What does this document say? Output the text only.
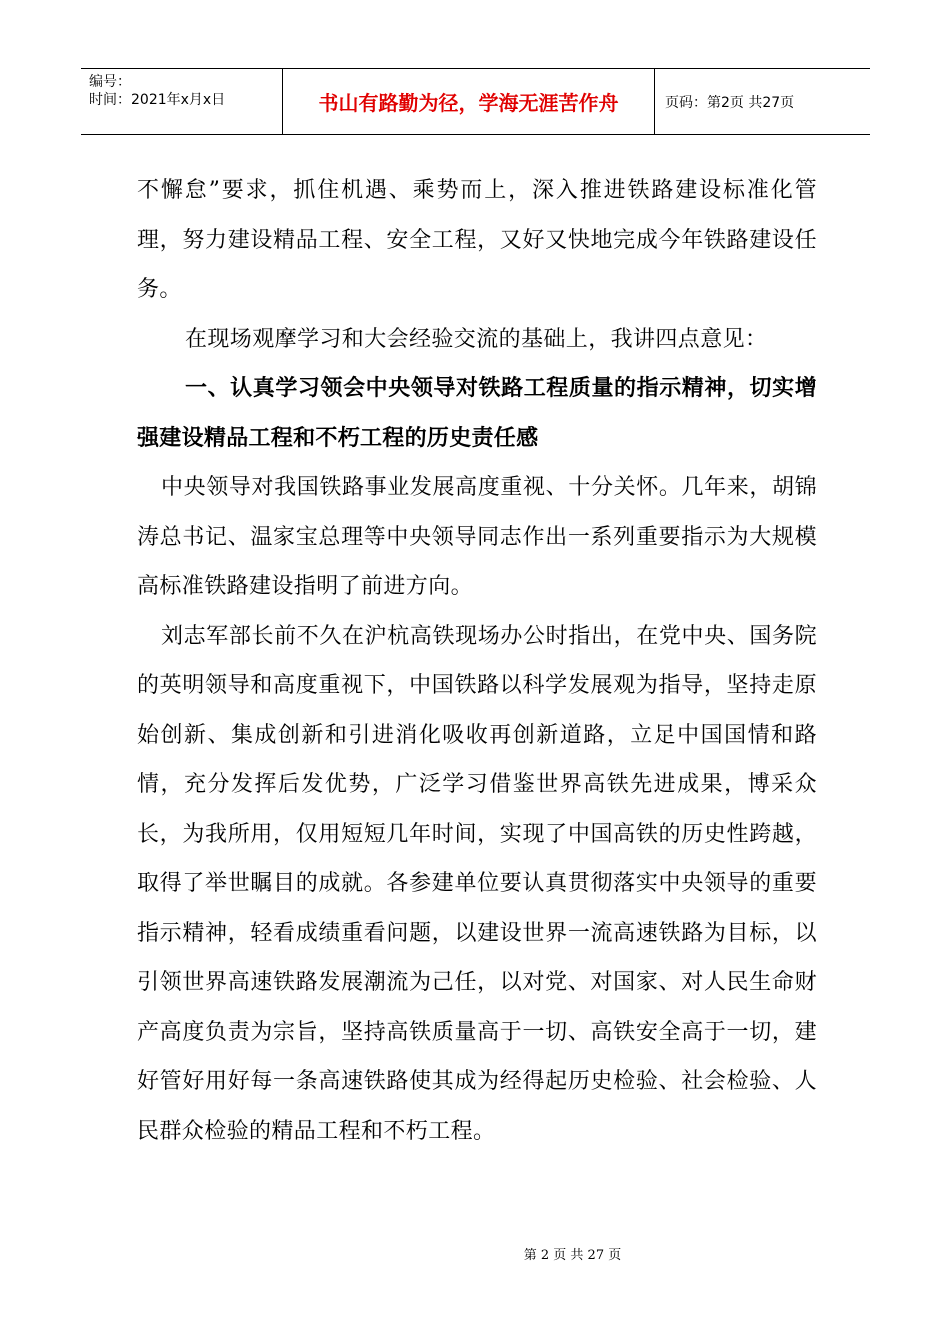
编号：
时间：2021年x月x日	书山有路勤为径，学海无涯苦作舟	页码：第2页 共27页

不懈怠”要求，抓住机遇、乘势而上，深入推进铁路建设标准化管理，努力建设精品工程、安全工程，又好又快地完成今年铁路建设任务。

在现场观摩学习和大会经验交流的基础上，我讲四点意见：

一、认真学习领会中央领导对铁路工程质量的指示精神，切实增强建设精品工程和不朽工程的历史责任感

中央领导对我国铁路事业发展高度重视、十分关怀。几年来，胡锦涛总书记、温家宝总理等中央领导同志作出一系列重要指示为大规模高标准铁路建设指明了前进方向。

刘志军部长前不久在沪杭高铁现场办公时指出，在党中央、国务院的英明领导和高度重视下，中国铁路以科学发展观为指导，坚持走原始创新、集成创新和引进消化吸收再创新道路，立足中国国情和路情，充分发挥后发优势，广泛学习借鉴世界高铁先进成果，博采众长，为我所用，仅用短短几年时间，实现了中国高铁的历史性跨越，取得了举世瞩目的成就。各参建单位要认真贯彻落实中央领导的重要指示精神，轻看成绩重看问题，以建设世界一流高速铁路为目标，以引领世界高速铁路发展潮流为己任，以对党、对国家、对人民生命财产高度负责为宗旨，坚持高铁质量高于一切、高铁安全高于一切，建好管好用好每一条高速铁路使其成为经得起历史检验、社会检验、人民群众检验的精品工程和不朽工程。

第 2 页 共 27 页
